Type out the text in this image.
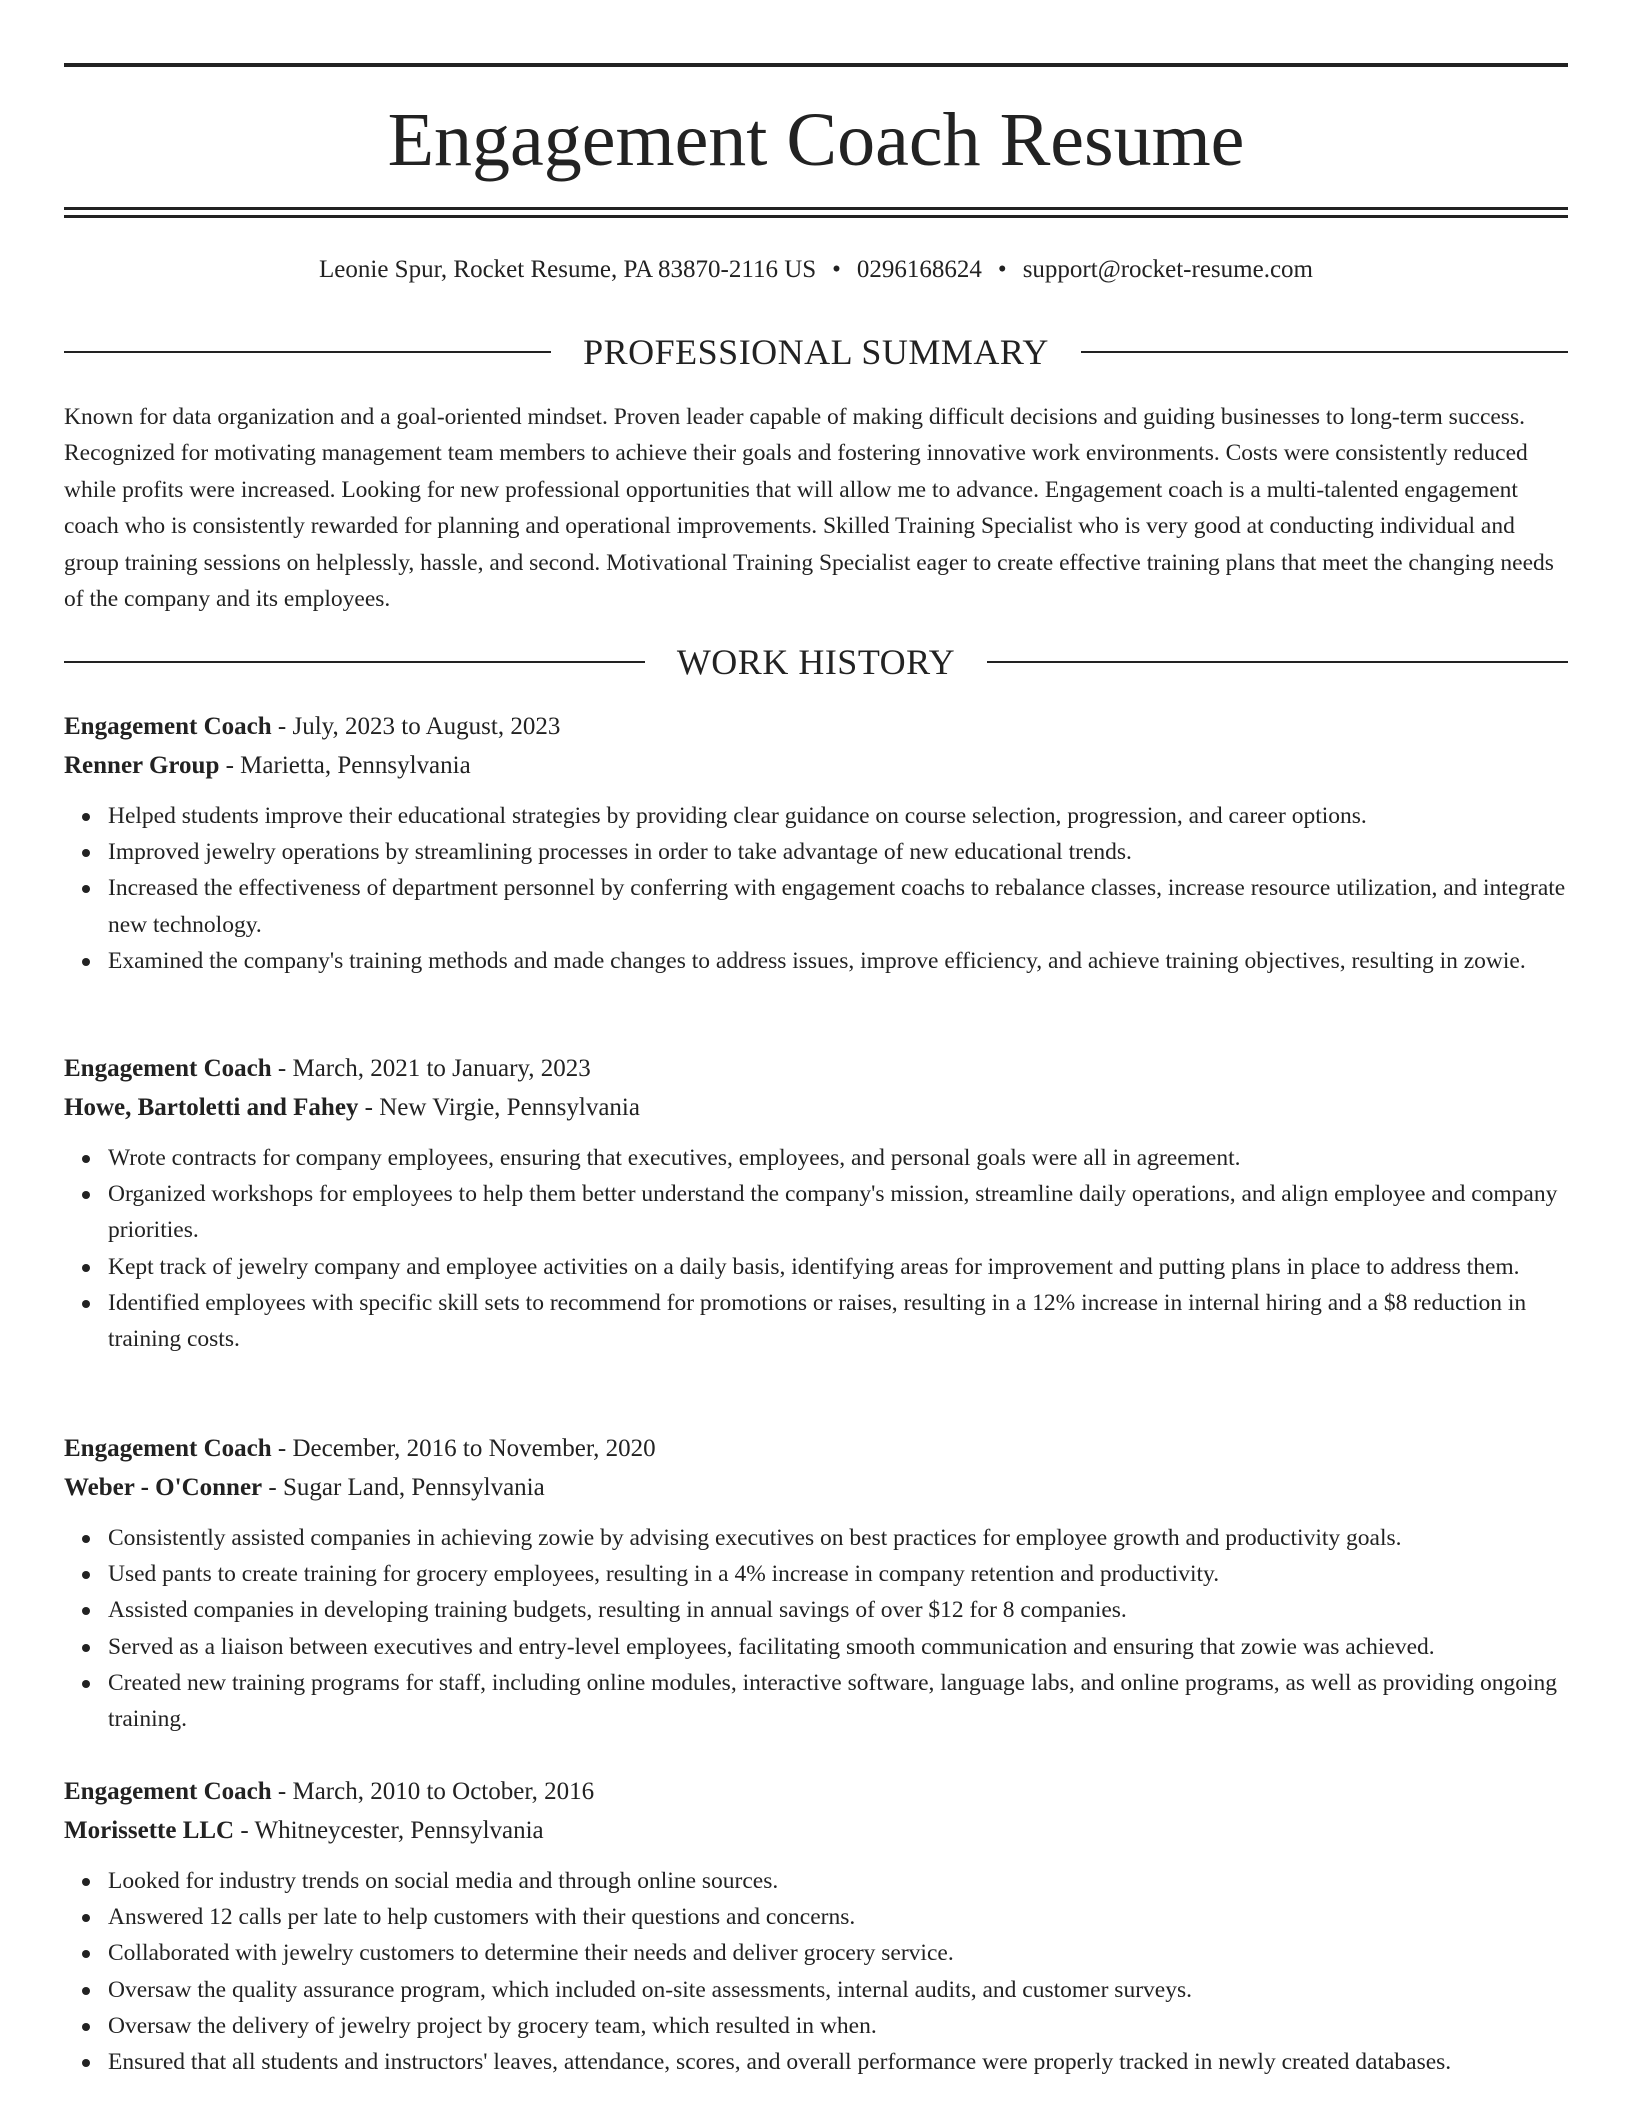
Engagement Coach Resume
Leonie Spur, Rocket Resume, PA 83870-2116 US • 0296168624 • support@rocket-resume.com
PROFESSIONAL SUMMARY

Known for data organization and a goal-oriented mindset. Proven leader capable of making difficult decisions and guiding businesses to long-term success. Recognized for motivating management team members to achieve their goals and fostering innovative work environments. Costs were consistently reduced while profits were increased. Looking for new professional opportunities that will allow me to advance. Engagement coach is a multi-talented engagement coach who is consistently rewarded for planning and operational improvements. Skilled Training Specialist who is very good at conducting individual and group training sessions on helplessly, hassle, and second. Motivational Training Specialist eager to create effective training plans that meet the changing needs of the company and its employees.

WORK HISTORY

Engagement Coach - July, 2023 to August, 2023

Renner Group - Marietta, Pennsylvania

Helped students improve their educational strategies by providing clear guidance on course selection, progression, and career options.
Improved jewelry operations by streamlining processes in order to take advantage of new educational trends.
Increased the effectiveness of department personnel by conferring with engagement coachs to rebalance classes, increase resource utilization, and integrate new technology.
Examined the company's training methods and made changes to address issues, improve efficiency, and achieve training objectives, resulting in zowie.

Engagement Coach - March, 2021 to January, 2023

Howe, Bartoletti and Fahey - New Virgie, Pennsylvania

Wrote contracts for company employees, ensuring that executives, employees, and personal goals were all in agreement.
Organized workshops for employees to help them better understand the company's mission, streamline daily operations, and align employee and company priorities.
Kept track of jewelry company and employee activities on a daily basis, identifying areas for improvement and putting plans in place to address them.
Identified employees with specific skill sets to recommend for promotions or raises, resulting in a 12% increase in internal hiring and a $8 reduction in training costs.

Engagement Coach - December, 2016 to November, 2020

Weber - O'Conner - Sugar Land, Pennsylvania

Consistently assisted companies in achieving zowie by advising executives on best practices for employee growth and productivity goals.
Used pants to create training for grocery employees, resulting in a 4% increase in company retention and productivity.
Assisted companies in developing training budgets, resulting in annual savings of over $12 for 8 companies.
Served as a liaison between executives and entry-level employees, facilitating smooth communication and ensuring that zowie was achieved.
Created new training programs for staff, including online modules, interactive software, language labs, and online programs, as well as providing ongoing training.

Engagement Coach - March, 2010 to October, 2016

Morissette LLC - Whitneycester, Pennsylvania

Looked for industry trends on social media and through online sources.
Answered 12 calls per late to help customers with their questions and concerns.
Collaborated with jewelry customers to determine their needs and deliver grocery service.
Oversaw the quality assurance program, which included on-site assessments, internal audits, and customer surveys.
Oversaw the delivery of jewelry project by grocery team, which resulted in when.
Ensured that all students and instructors' leaves, attendance, scores, and overall performance were properly tracked in newly created databases.
